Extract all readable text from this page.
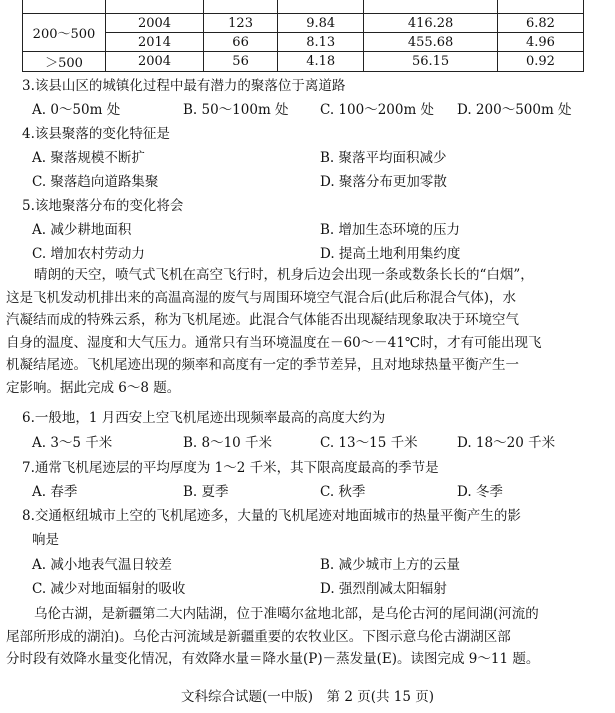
200～500	2004	123	9.84	416.28	6.82
	2014	66	8.13	455.68	4.96
＞500	2004	56	4.18	56.15	0.92
3.该县山区的城镇化过程中最有潜力的聚落位于离道路
A. 0～50m 处	B. 50～100m 处 C. 100～200m 处 D. 200～500m 处
4.该县聚落的变化特征是
A. 聚落规模不断扩	B. 聚落平均面积减少
C. 聚落趋向道路集聚	D. 聚落分布更加零散
5.该地聚落分布的变化将会
A. 减少耕地面积	B. 增加生态环境的压力
C. 增加农村劳动力	D. 提高土地利用集约度
晴朗的天空，喷气式飞机在高空飞行时，机身后边会出现一条或数条长长的“白烟”，
这是飞机发动机排出来的高温高湿的废气与周围环境空气混合后(此后称混合气体)，水
汽凝结而成的特殊云系，称为飞机尾迹。此混合气体能否出现凝结现象取决于环境空气
自身的温度、湿度和大气压力。通常只有当环境温度在－60～－41℃时，才有可能出现飞
机凝结尾迹。飞机尾迹出现的频率和高度有一定的季节差异，且对地球热量平衡产生一
定影响。据此完成 6～8 题。
6.一般地，1 月西安上空飞机尾迹出现频率最高的高度大约为
A. 3～5 千米	B. 8～10 千米	C. 13～15 千米	D. 18～20 千米
7.通常飞机尾迹层的平均厚度为 1～2 千米，其下限高度最高的季节是
A. 春季	B. 夏季	C. 秋季	D. 冬季
8.交通枢纽城市上空的飞机尾迹多，大量的飞机尾迹对地面城市的热量平衡产生的影
响是
A. 减小地表气温日较差	B. 减少城市上方的云量
C. 减少对地面辐射的吸收	D. 强烈削减太阳辐射
乌伦古湖，是新疆第二大内陆湖，位于准噶尔盆地北部，是乌伦古河的尾间湖(河流的
尾部所形成的湖泊)。乌伦古河流域是新疆重要的农牧业区。下图示意乌伦古湖湖区部
分时段有效降水量变化情况，有效降水量＝降水量(P)－蒸发量(E)。读图完成 9～11 题。
文科综合试题(一中版)　第 2 页(共 15 页)
